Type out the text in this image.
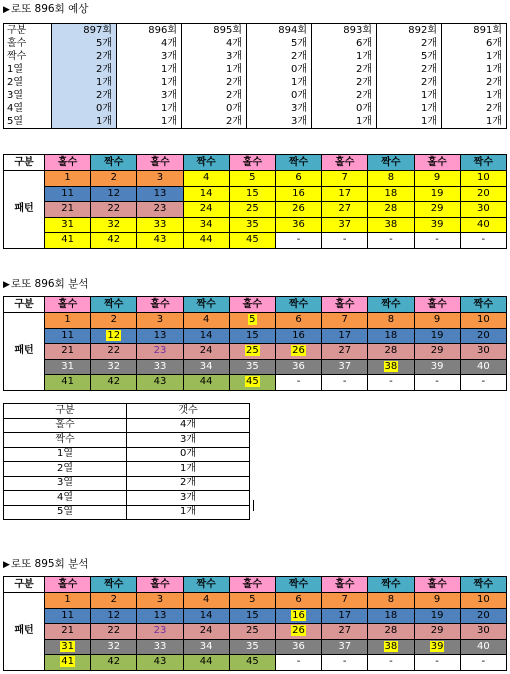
▶로또 896회 예상
구분	897회	896회	895회	894회	893회	892회	891회
홀수	5개	4개	4개	5개	6개	2개	6개
짝수	2개	3개	3개	2개	1개	5개	1개
1열	2개	1개	1개	0개	2개	2개	1개
2열	1개	1개	2개	1개	2개	2개	2개
3열	2개	3개	2개	0개	2개	1개	1개
4열	0개	1개	0개	3개	0개	1개	2개
5열	1개	1개	2개	3개	1개	1개	1개
구분	홀수	짝수	홀수	짝수	홀수	짝수	홀수	짝수	홀수	짝수
패턴	1	2	3	4	5	6	7	8	9	10
	11	12	13	14	15	16	17	18	19	20
	21	22	23	24	25	26	27	28	29	30
	31	32	33	34	35	36	37	38	39	40
	41	42	43	44	45	-	-	-	-	-
▶로또 896회 분석
구분	홀수	짝수	홀수	짝수	홀수	짝수	홀수	짝수	홀수	짝수
패턴	1	2	3	4	5	6	7	8	9	10
	11	12	13	14	15	16	17	18	19	20
	21	22	23	24	25	26	27	28	29	30
	31	32	33	34	35	36	37	38	39	40
	41	42	43	44	45	-	-	-	-	-
구분	갯수
홀수	4개
짝수	3개
1열	0개
2열	1개
3열	2개
4열	3개
5열	1개
▶로또 895회 분석
구분	홀수	짝수	홀수	짝수	홀수	짝수	홀수	짝수	홀수	짝수
패턴	1	2	3	4	5	6	7	8	9	10
	11	12	13	14	15	16	17	18	19	20
	21	22	23	24	25	26	27	28	29	30
	31	32	33	34	35	36	37	38	39	40
	41	42	43	44	45	-	-	-	-	-
